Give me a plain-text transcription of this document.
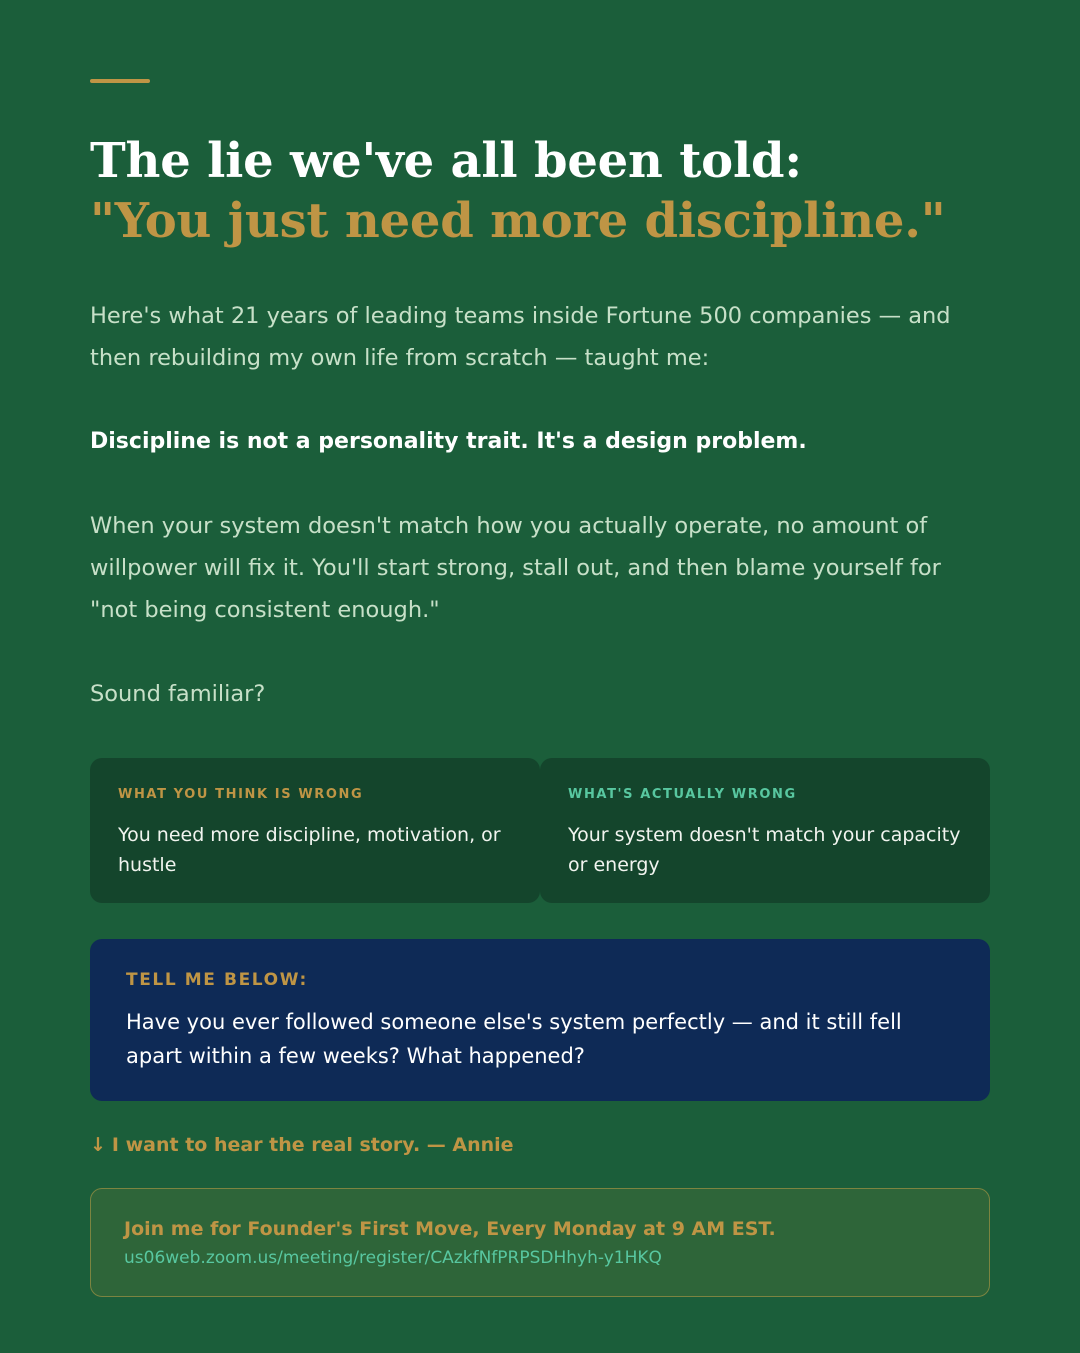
The lie we've all been told:
"You just need more discipline."

Here's what 21 years of leading teams inside Fortune 500 companies — and then rebuilding my own life from scratch — taught me:

Discipline is not a personality trait. It's a design problem.

When your system doesn't match how you actually operate, no amount of willpower will fix it. You'll start strong, stall out, and then blame yourself for "not being consistent enough."

Sound familiar?

WHAT YOU THINK IS WRONG
You need more discipline, motivation, or hustle
WHAT'S ACTUALLY WRONG
Your system doesn't match your capacity or energy
TELL ME BELOW:
Have you ever followed someone else's system perfectly — and it still fell apart within a few weeks? What happened?
↓ I want to hear the real story. — Annie
Join me for Founder's First Move, Every Monday at 9 AM EST.
us06web.zoom.us/meeting/register/CAzkfNfPRPSDHhyh-y1HKQ
